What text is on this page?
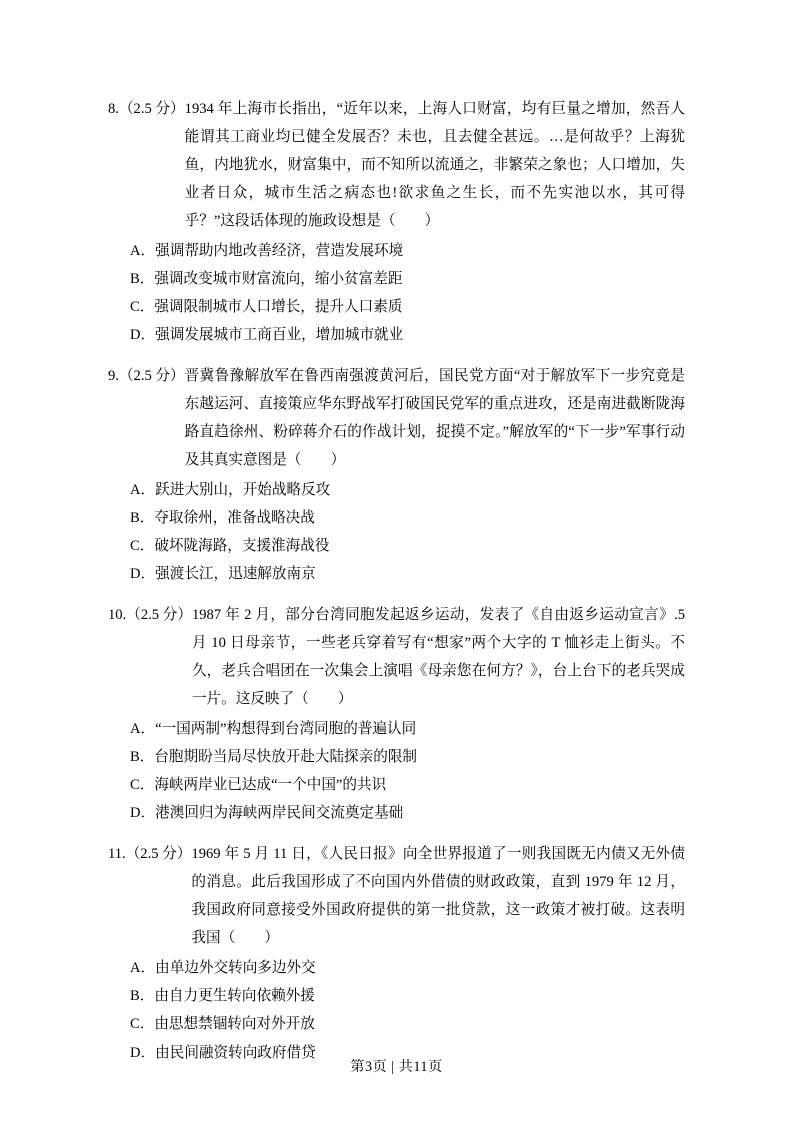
8.（2.5 分） 1934 年上海市长指出，“近年以来，上海人口财富，均有巨量之增加，然吾人能谓其工商业均已健全发展否？未也，且去健全甚远。…是何故乎？上海犹鱼，内地犹水，财富集中，而不知所以流通之，非繁荣之象也；人口增加，失业者日众，城市生活之病态也!欲求鱼之生长，而不先实池以水，其可得乎？”这段话体现的施政设想是（　　）
A．强调帮助内地改善经济，营造发展环境
B．强调改变城市财富流向，缩小贫富差距
C．强调限制城市人口增长，提升人口素质
D．强调发展城市工商百业，增加城市就业
9.（2.5 分） 晋冀鲁豫解放军在鲁西南强渡黄河后，国民党方面“对于解放军下一步究竟是东越运河、直接策应华东野战军打破国民党军的重点进攻，还是南进截断陇海路直趋徐州、粉碎蒋介石的作战计划，捉摸不定。”解放军的“下一步”军事行动及其真实意图是（　　）
A．跃进大别山，开始战略反攻
B．夺取徐州，准备战略决战
C．破坏陇海路，支援淮海战役
D．强渡长江，迅速解放南京
10.（2.5 分） 1987 年 2 月，部分台湾同胞发起返乡运动，发表了《自由返乡运动宣言》.5 月 10 日母亲节，一些老兵穿着写有“想家”两个大字的 T 恤衫走上街头。不久，老兵合唱团在一次集会上演唱《母亲您在何方？》，台上台下的老兵哭成一片。这反映了（　　）
A．“一国两制”构想得到台湾同胞的普遍认同
B．台胞期盼当局尽快放开赴大陆探亲的限制
C．海峡两岸业已达成“一个中国”的共识
D．港澳回归为海峡两岸民间交流奠定基础
11.（2.5 分） 1969 年 5 月 11 日，《人民日报》向全世界报道了一则我国既无内债又无外债的消息。此后我国形成了不向国内外借债的财政政策，直到 1979 年 12 月，我国政府同意接受外国政府提供的第一批贷款，这一政策才被打破。这表明我国（　　）
A．由单边外交转向多边外交
B．由自力更生转向依赖外援
C．由思想禁锢转向对外开放
D．由民间融资转向政府借贷
第3页 | 共11页
